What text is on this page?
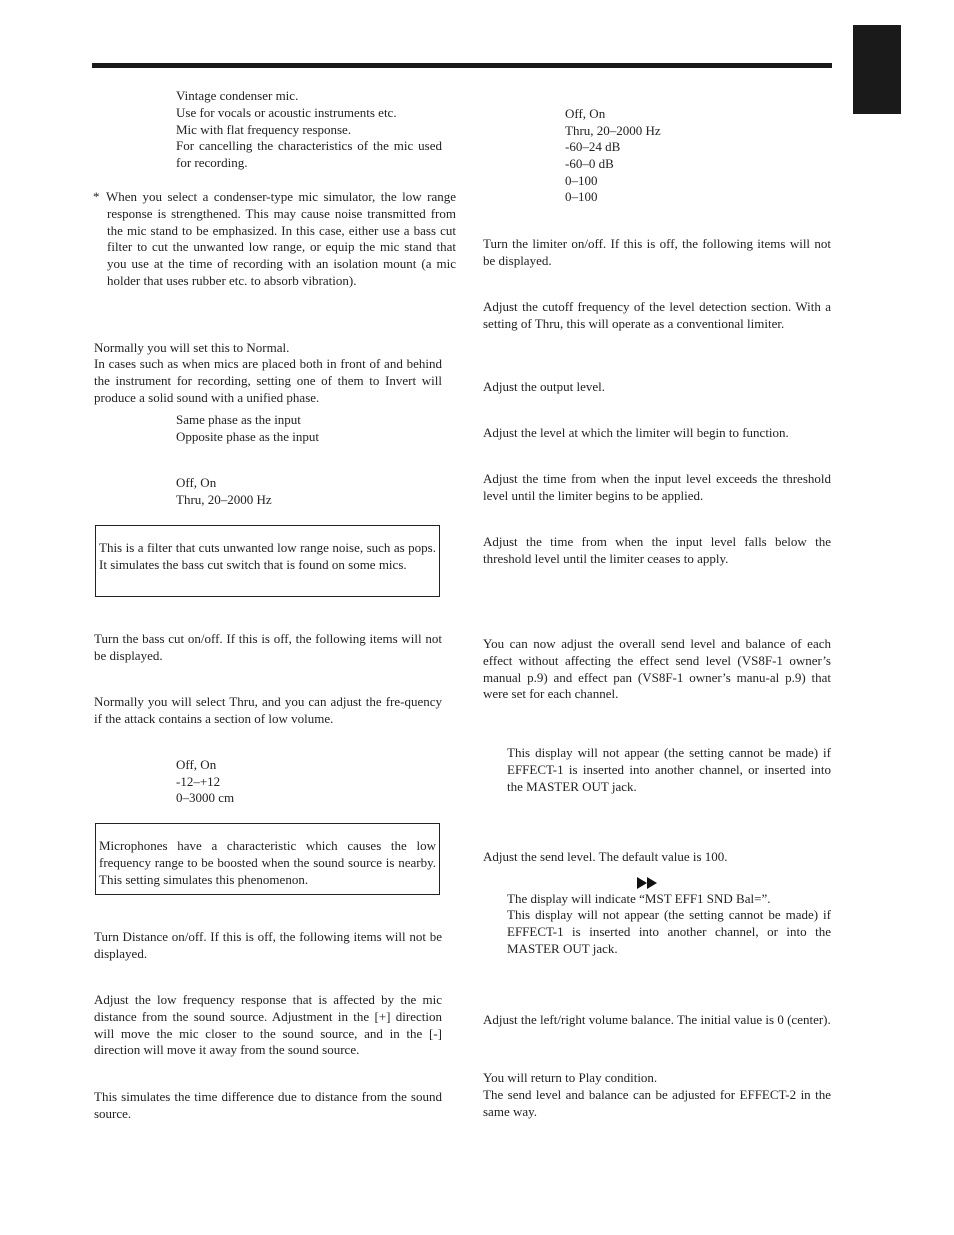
Vintage condenser mic.

Use for vocals or acoustic instruments etc.

Mic with flat frequency response.

For cancelling the characteristics of the mic used for recording.

* When you select a condenser-type mic simulator, the low range response is strengthened. This may cause noise transmitted from the mic stand to be emphasized. In this case, either use a bass cut filter to cut the unwanted low range, or equip the mic stand that you use at the time of recording with an isolation mount (a mic holder that uses rubber etc. to absorb vibration).

Normally you will set this to Normal.

In cases such as when mics are placed both in front of and behind the instrument for recording, setting one of them to Invert will produce a solid sound with a unified phase.

Same phase as the input

Opposite phase as the input

Off, On

Thru, 20–2000 Hz

This is a filter that cuts unwanted low range noise, such as pops. It simulates the bass cut switch that is found on some mics.

Turn the bass cut on/off. If this is off, the following items will not be displayed.

Normally you will select Thru, and you can adjust the fre-quency if the attack contains a section of low volume.

Off, On

-12–+12

0–3000 cm

Microphones have a characteristic which causes the low frequency range to be boosted when the sound source is nearby. This setting simulates this phenomenon.

Turn Distance on/off. If this is off, the following items will not be displayed.

Adjust the low frequency response that is affected by the mic distance from the sound source. Adjustment in the [+] direction will move the mic closer to the sound source, and in the [-] direction will move it away from the sound source.

This simulates the time difference due to distance from the sound source.

Off, On

Thru, 20–2000 Hz

-60–24 dB

-60–0 dB

0–100

0–100

Turn the limiter on/off. If this is off, the following items will not be displayed.

Adjust the cutoff frequency of the level detection section. With a setting of Thru, this will operate as a conventional limiter.

Adjust the output level.

Adjust the level at which the limiter will begin to function.

Adjust the time from when the input level exceeds the threshold level until the limiter begins to be applied.

Adjust the time from when the input level falls below the threshold level until the limiter ceases to apply.

You can now adjust the overall send level and balance of each effect without affecting the effect send level (VS8F-1 owner’s manual p.9) and effect pan (VS8F-1 owner’s manu-al p.9) that were set for each channel.

This display will not appear (the setting cannot be made) if EFFECT-1 is inserted into another channel, or inserted into the MASTER OUT jack.

Adjust the send level. The default value is 100.

The display will indicate “MST EFF1 SND Bal=”.

This display will not appear (the setting cannot be made) if EFFECT-1 is inserted into another channel, or into the MASTER OUT jack.

Adjust the left/right volume balance. The initial value is 0 (center).

You will return to Play condition.

The send level and balance can be adjusted for EFFECT-2 in the same way.
